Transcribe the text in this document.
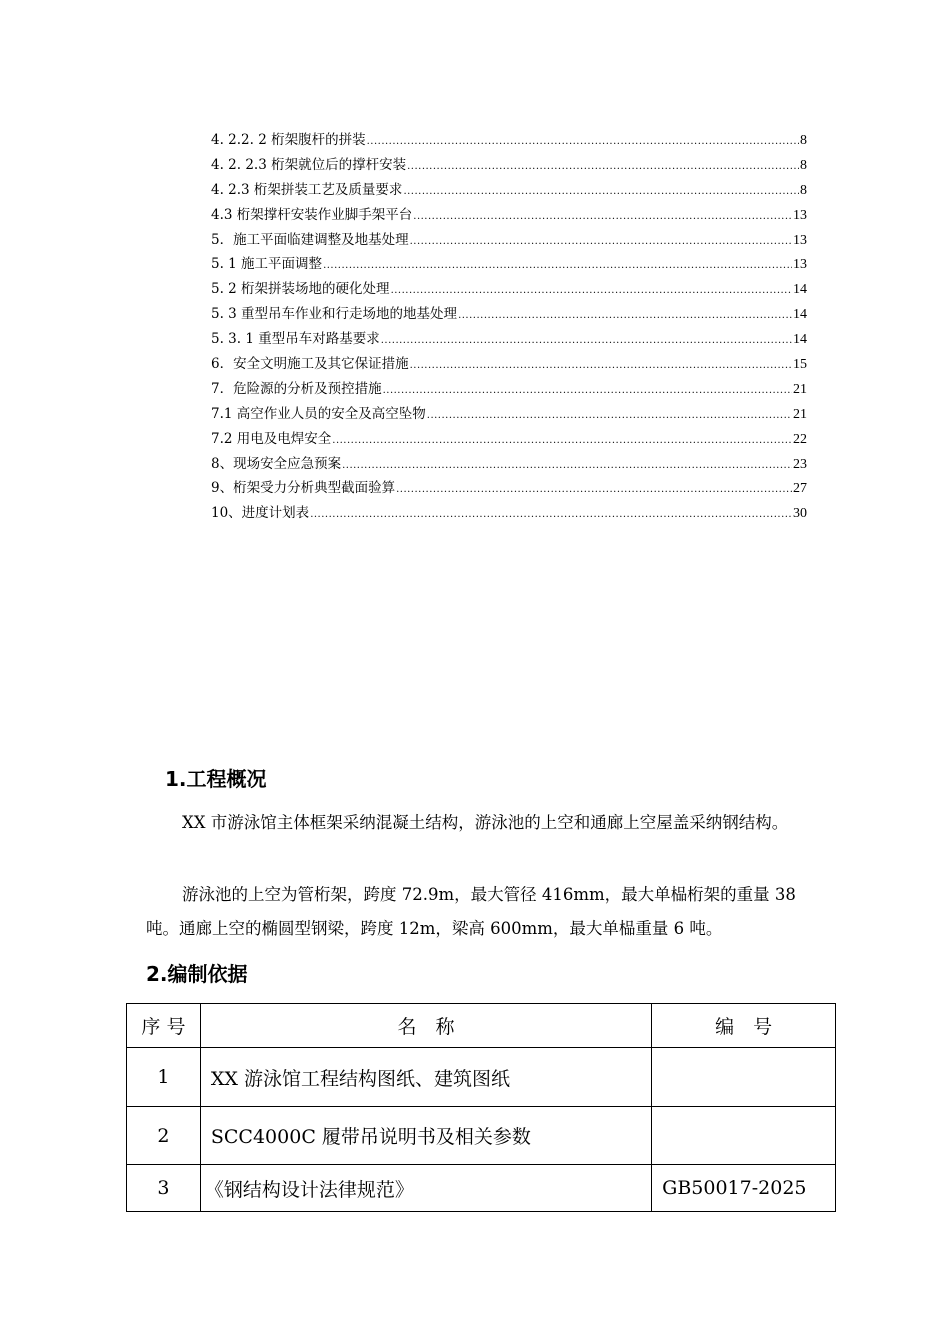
4. 2.2. 2 桁架腹杆的拼装 .....	8
4. 2. 2.3 桁架就位后的撑杆安装 .....	8
4. 2.3 桁架拼装工艺及质量要求 .....	8
4.3 桁架撑杆安装作业脚手架平台 .....	13
5．施工平面临建调整及地基处理 .....	13
5. 1 施工平面调整 .....	13
5. 2 桁架拼装场地的硬化处理 .....	14
5. 3 重型吊车作业和行走场地的地基处理 .....	14
5. 3. 1 重型吊车对路基要求 .....	14
6．安全文明施工及其它保证措施 .....	15
7．危险源的分析及预控措施 .....	21
7.1 高空作业人员的安全及高空坠物 .....	21
7.2 用电及电焊安全 .....	22
8、现场安全应急预案 .....	23
9、桁架受力分析典型截面验算 .....	27
10、进度计划表 .....	30
1.工程概况
XX 市游泳馆主体框架采纳混凝土结构，游泳池的上空和通廊上空屋盖采纳钢结构。
游泳池的上空为管桁架，跨度 72.9m，最大管径 416mm，最大单榀桁架的重量 38 吨。通廊上空的椭圆型钢梁，跨度 12m，梁高 600mm，最大单榀重量 6 吨。
2.编制依据
序 号	名　称	编　号
1	XX 游泳馆工程结构图纸、建筑图纸	
2	SCC4000C 履带吊说明书及相关参数	
3	《钢结构设计法律规范》	GB50017-2025
